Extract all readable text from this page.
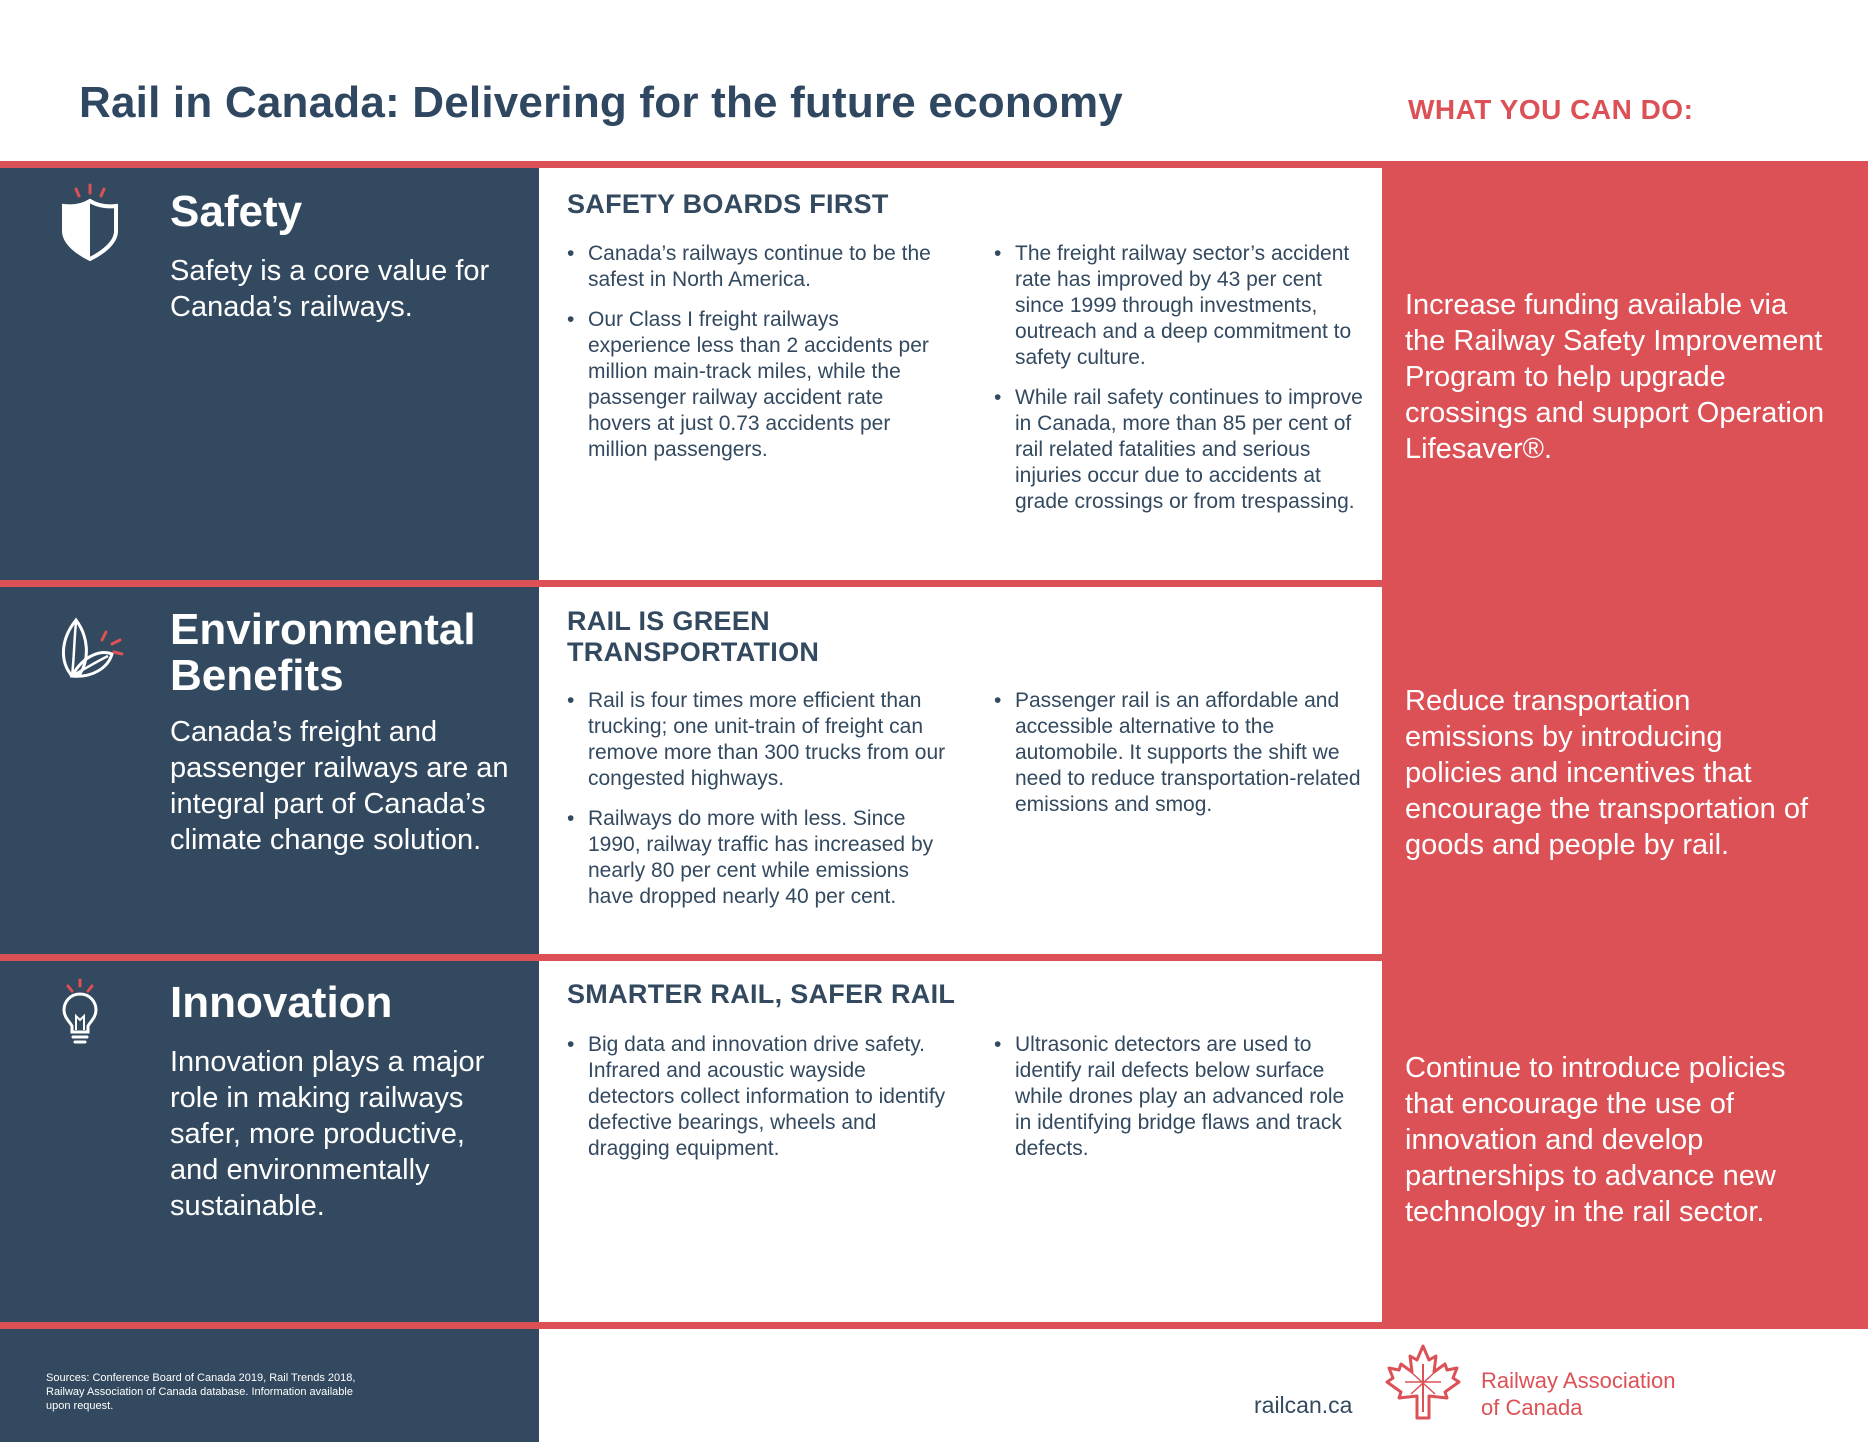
Rail in Canada: Delivering for the future economy	WHAT YOU CAN DO:
Safety
Safety is a core value for Canada’s railways.
SAFETY BOARDS FIRST
• Canada’s railways continue to be the safest in North America.
• Our Class I freight railways experience less than 2 accidents per million main-track miles, while the passenger railway accident rate hovers at just 0.73 accidents per million passengers.
• The freight railway sector’s accident rate has improved by 43 per cent since 1999 through investments, outreach and a deep commitment to safety culture.
• While rail safety continues to improve in Canada, more than 85 per cent of rail related fatalities and serious injuries occur due to accidents at grade crossings or from trespassing.
Increase funding available via the Railway Safety Improvement Program to help upgrade crossings and support Operation Lifesaver®.
Environmental Benefits
Canada’s freight and passenger railways are an integral part of Canada’s climate change solution.
RAIL IS GREEN TRANSPORTATION
• Rail is four times more efficient than trucking; one unit-train of freight can remove more than 300 trucks from our congested highways.
• Railways do more with less. Since 1990, railway traffic has increased by nearly 80 per cent while emissions have dropped nearly 40 per cent.
• Passenger rail is an affordable and accessible alternative to the automobile. It supports the shift we need to reduce transportation-related emissions and smog.
Reduce transportation emissions by introducing policies and incentives that encourage the transportation of goods and people by rail.
Innovation
Innovation plays a major role in making railways safer, more productive, and environmentally sustainable.
SMARTER RAIL, SAFER RAIL
• Big data and innovation drive safety. Infrared and acoustic wayside detectors collect information to identify defective bearings, wheels and dragging equipment.
• Ultrasonic detectors are used to identify rail defects below surface while drones play an advanced role in identifying bridge flaws and track defects.
Continue to introduce policies that encourage the use of innovation and develop partnerships to advance new technology in the rail sector.
Sources: Conference Board of Canada 2019, Rail Trends 2018, Railway Association of Canada database. Information available upon request.	railcan.ca
Railway Association
of Canada
